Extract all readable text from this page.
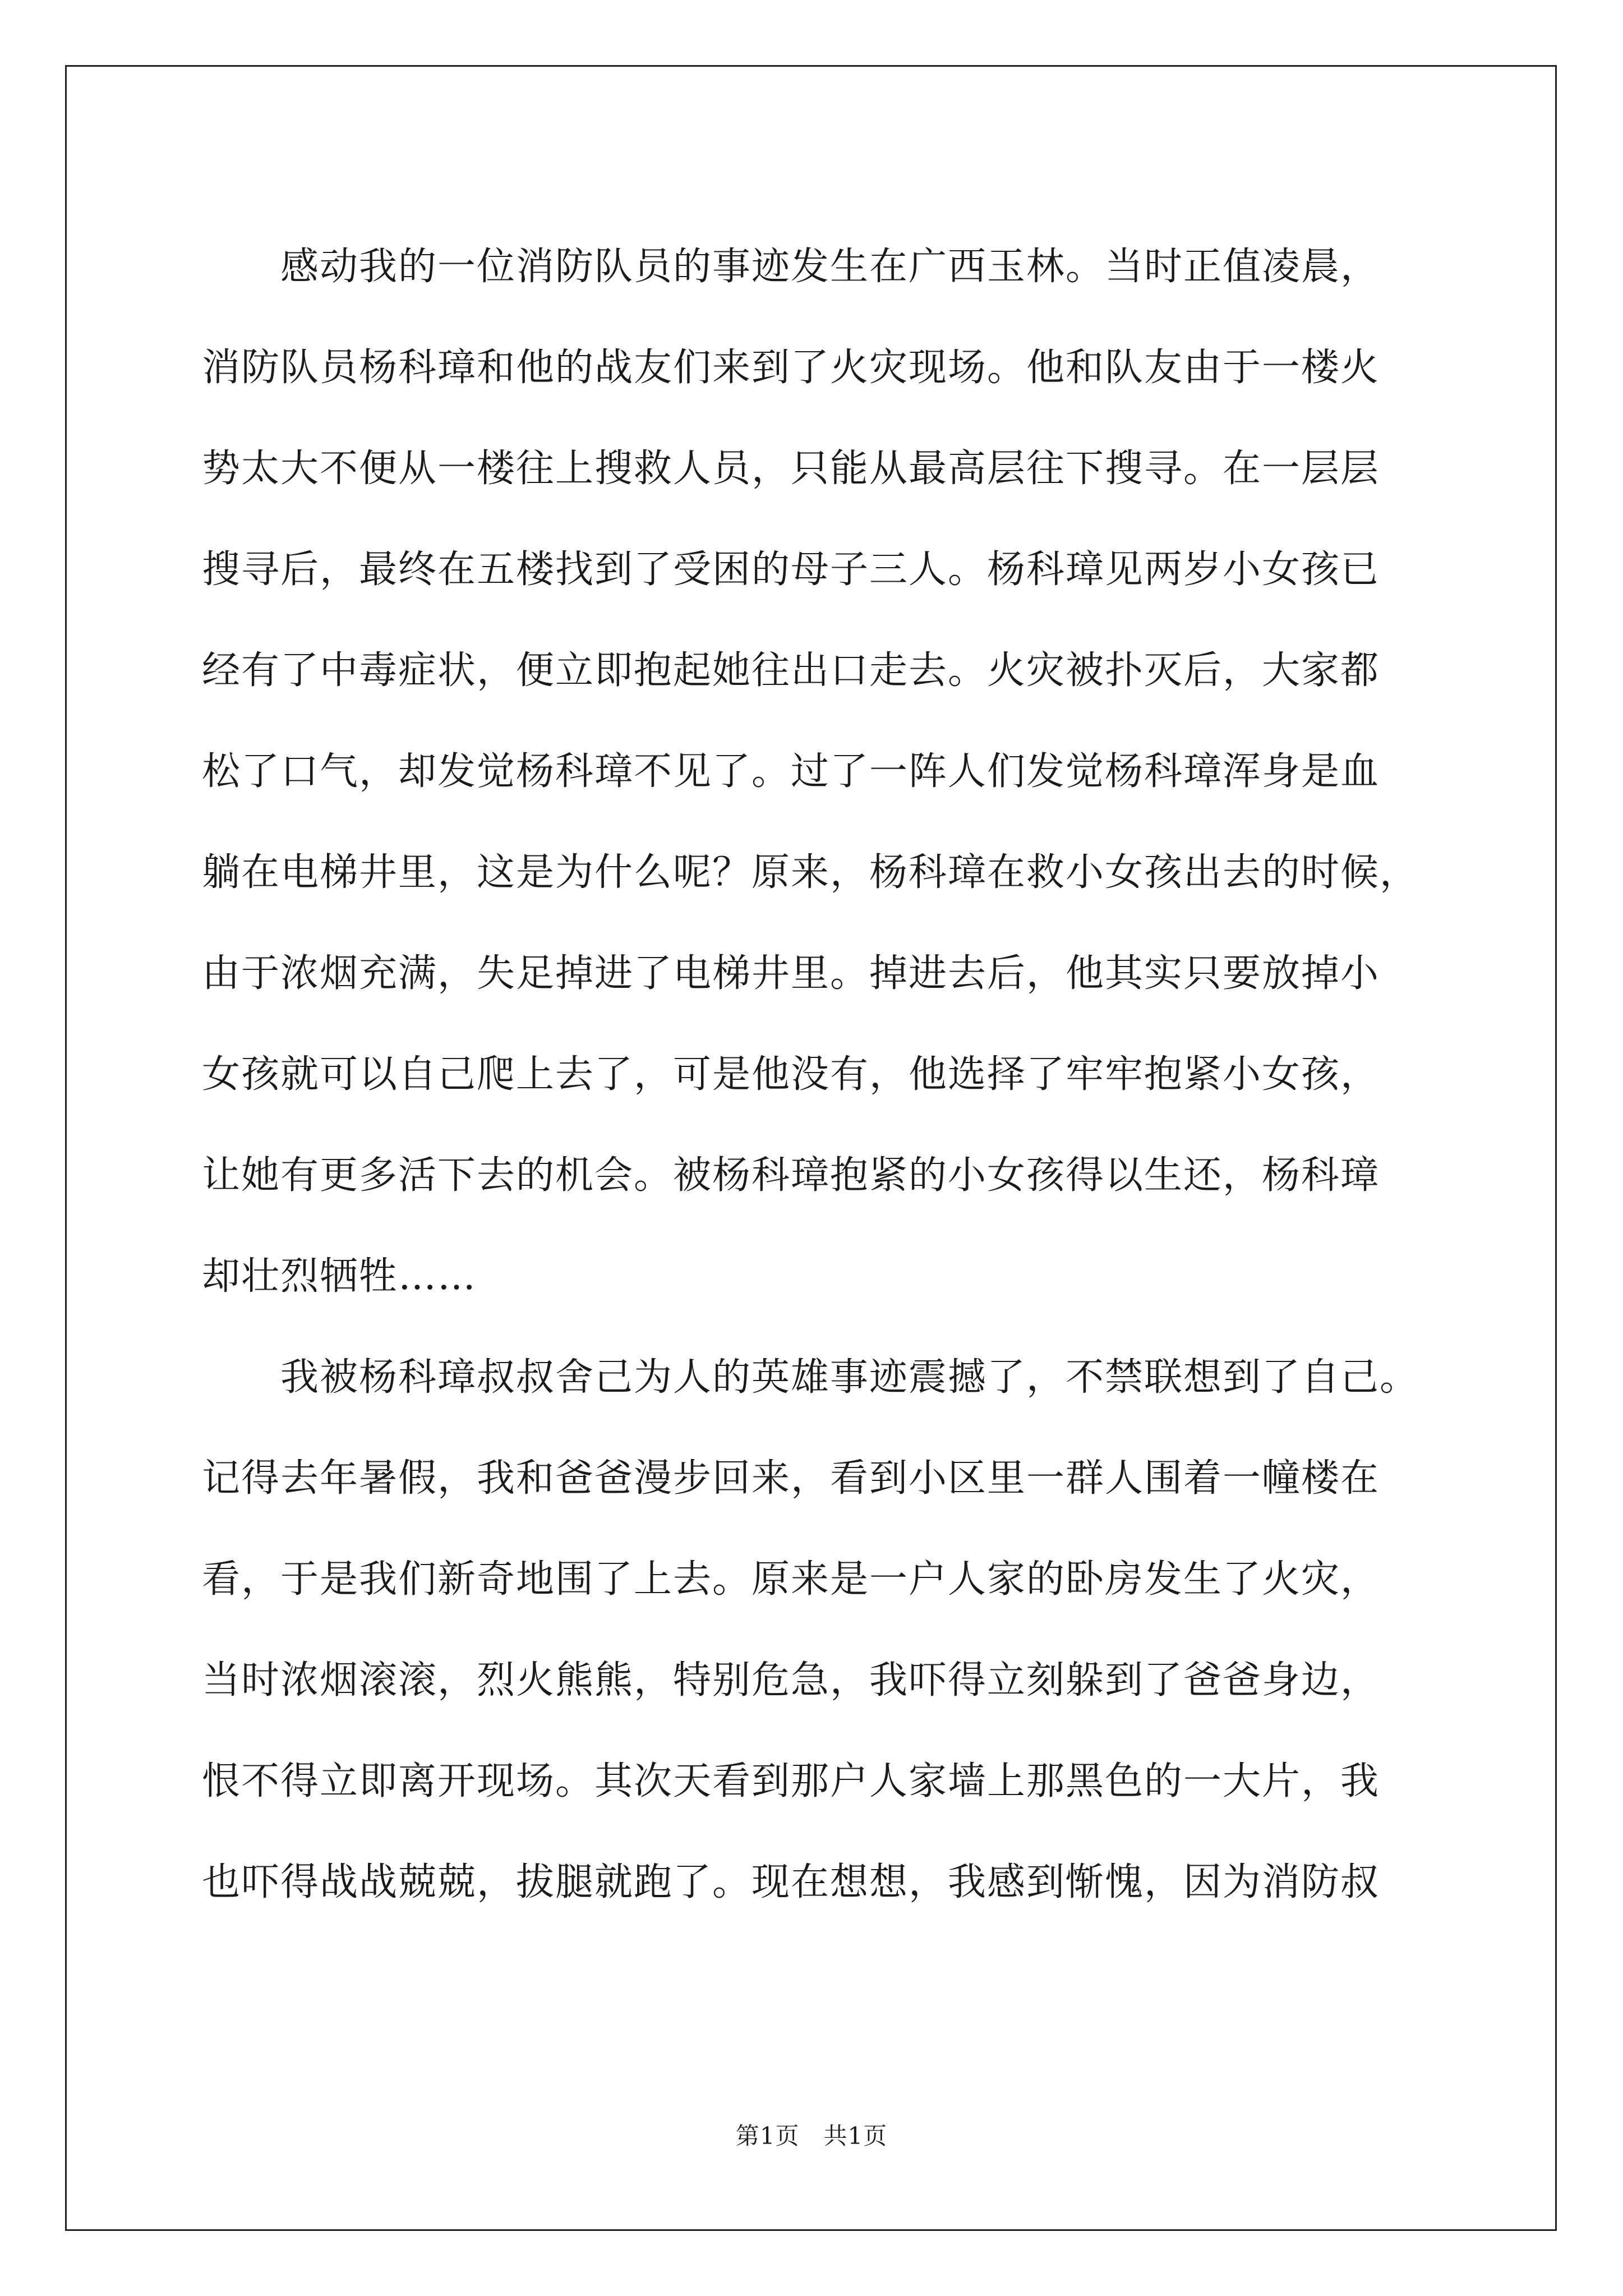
感动我的一位消防队员的事迹发生在广西玉林。当时正值凌晨，
消防队员杨科璋和他的战友们来到了火灾现场。他和队友由于一楼火
势太大不便从一楼往上搜救人员，只能从最高层往下搜寻。在一层层
搜寻后，最终在五楼找到了受困的母子三人。杨科璋见两岁小女孩已
经有了中毒症状，便立即抱起她往出口走去。火灾被扑灭后，大家都
松了口气，却发觉杨科璋不见了。过了一阵人们发觉杨科璋浑身是血
躺在电梯井里，这是为什么呢？原来，杨科璋在救小女孩出去的时候，
由于浓烟充满，失足掉进了电梯井里。掉进去后，他其实只要放掉小
女孩就可以自己爬上去了，可是他没有，他选择了牢牢抱紧小女孩，
让她有更多活下去的机会。被杨科璋抱紧的小女孩得以生还，杨科璋
却壮烈牺牲……
我被杨科璋叔叔舍己为人的英雄事迹震撼了，不禁联想到了自己。
记得去年暑假，我和爸爸漫步回来，看到小区里一群人围着一幢楼在
看，于是我们新奇地围了上去。原来是一户人家的卧房发生了火灾，
当时浓烟滚滚，烈火熊熊，特别危急，我吓得立刻躲到了爸爸身边，
恨不得立即离开现场。其次天看到那户人家墙上那黑色的一大片，我
也吓得战战兢兢，拔腿就跑了。现在想想，我感到惭愧，因为消防叔
第1页　共1页
